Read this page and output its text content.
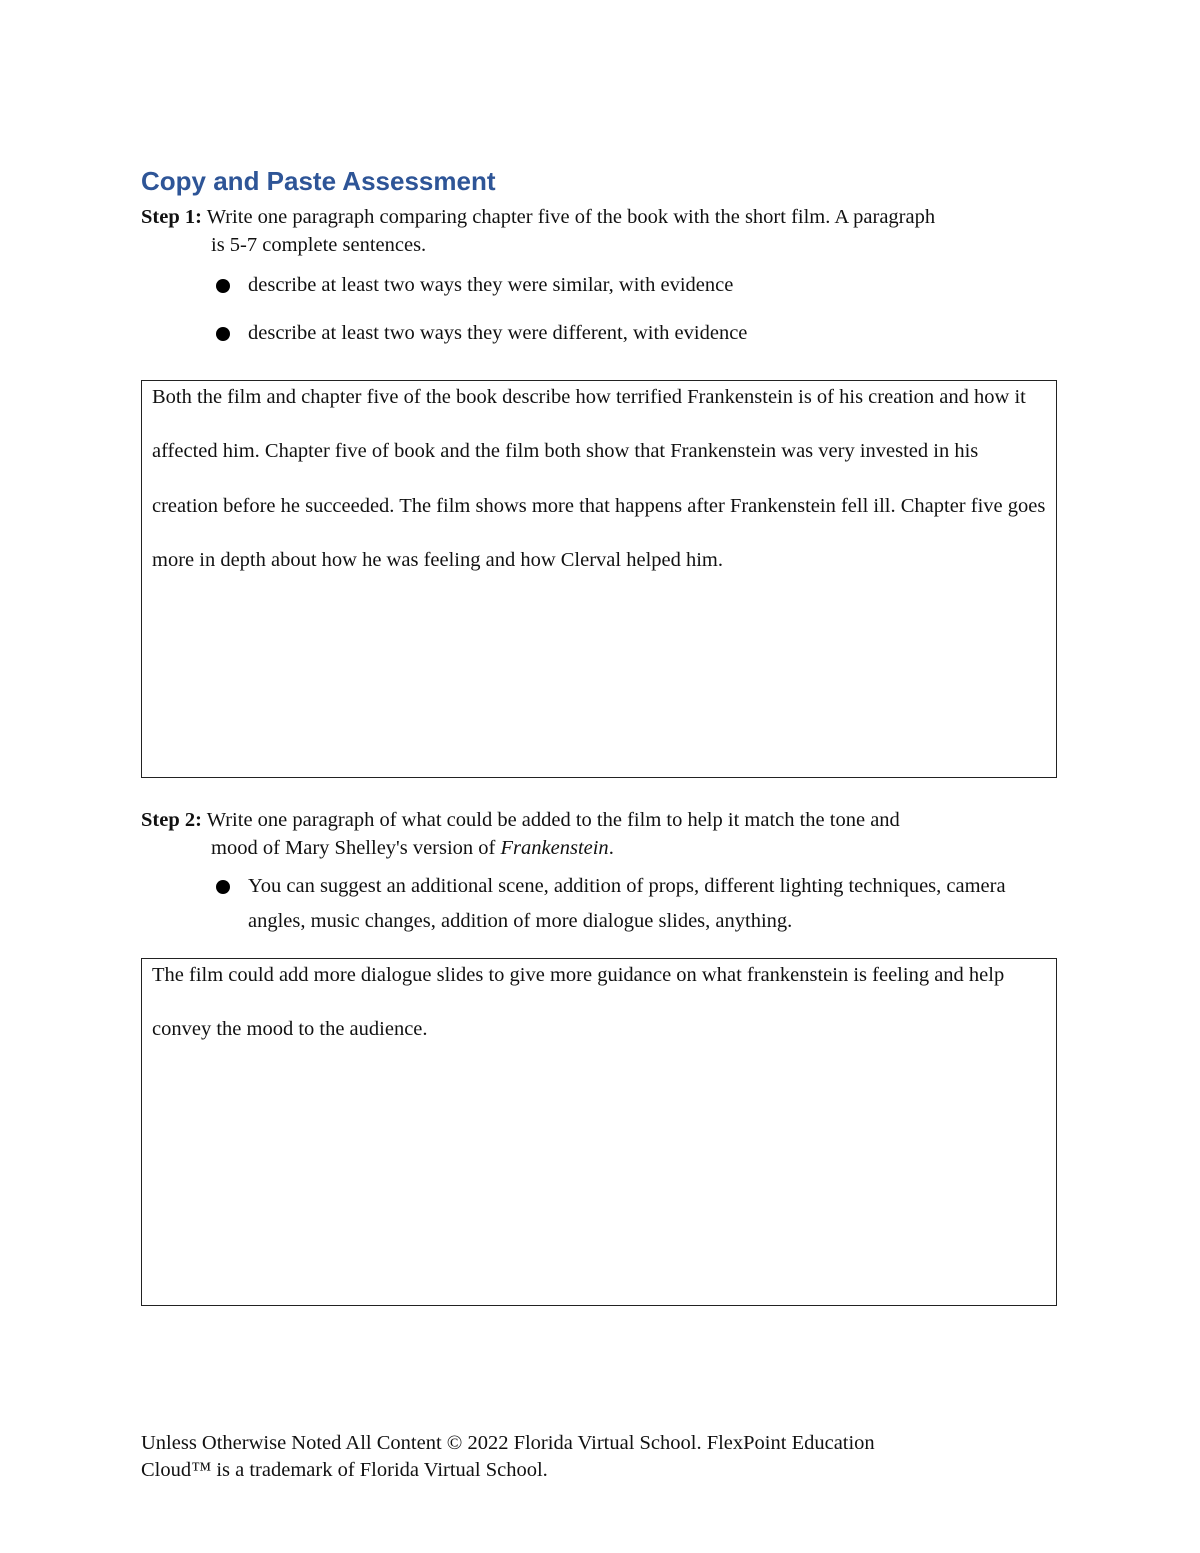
Copy and Paste Assessment
Step 1: Write one paragraph comparing chapter five of the book with the short film. A paragraph
is 5-7 complete sentences.
describe at least two ways they were similar, with evidence
describe at least two ways they were different, with evidence

Both the film and chapter five of the book describe how terrified Frankenstein is of his creation and how it affected him. Chapter five of book and the film both show that Frankenstein was very invested in his creation before he succeeded. The film shows more that happens after Frankenstein fell ill. Chapter five goes more in depth about how he was feeling and how Clerval helped him.

Step 2: Write one paragraph of what could be added to the film to help it match the tone and
mood of Mary Shelley's version of Frankenstein.
You can suggest an additional scene, addition of props, different lighting techniques, camera angles, music changes, addition of more dialogue slides, anything.

The film could add more dialogue slides to give more guidance on what frankenstein is feeling and help convey the mood to the audience.

Unless Otherwise Noted All Content © 2022 Florida Virtual School. FlexPoint Education
Cloud™ is a trademark of Florida Virtual School.
